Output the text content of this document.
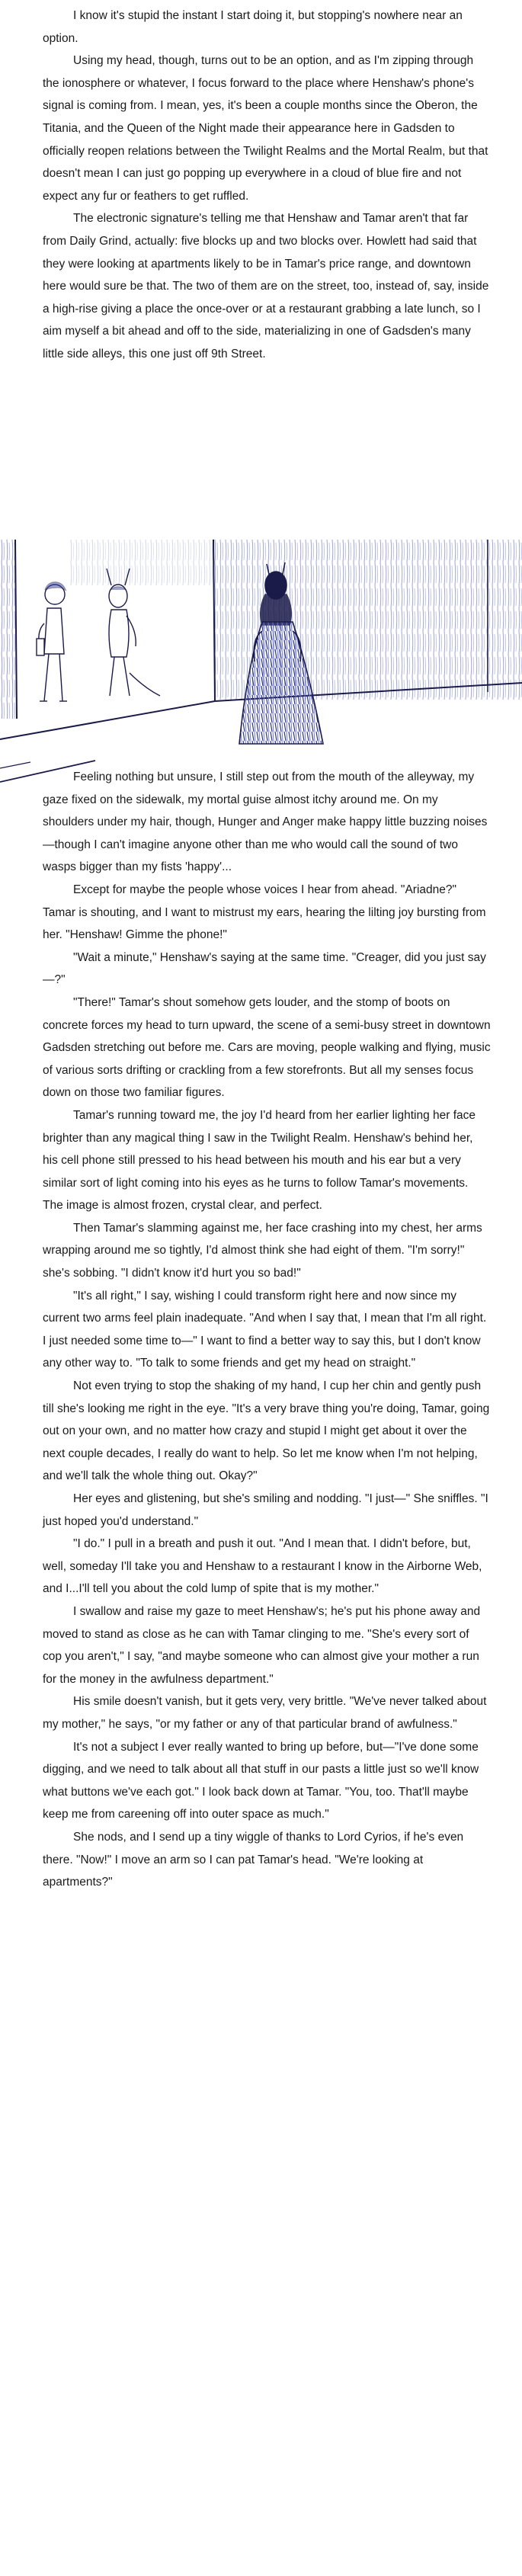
I know it's stupid the instant I start doing it, but stopping's nowhere near an option.

Using my head, though, turns out to be an option, and as I'm zipping through the ionosphere or whatever, I focus forward to the place where Henshaw's phone's signal is coming from. I mean, yes, it's been a couple months since the Oberon, the Titania, and the Queen of the Night made their appearance here in Gadsden to officially reopen relations between the Twilight Realms and the Mortal Realm, but that doesn't mean I can just go popping up everywhere in a cloud of blue fire and not expect any fur or feathers to get ruffled.

The electronic signature's telling me that Henshaw and Tamar aren't that far from Daily Grind, actually: five blocks up and two blocks over. Howlett had said that they were looking at apartments likely to be in Tamar's price range, and downtown here would sure be that. The two of them are on the street, too, instead of, say, inside a high-rise giving a place the once-over or at a restaurant grabbing a late lunch, so I aim myself a bit ahead and off to the side, materializing in one of Gadsden's many little side alleys, this one just off 9th Street.

Feeling nothing but unsure, I still step out from the mouth of the alleyway, my gaze fixed on the sidewalk, my mortal guise almost itchy around me. On my shoulders under my hair, though, Hunger and Anger make happy little buzzing noises—though I can't imagine anyone other than me who would call the sound of two wasps bigger than my fists 'happy'...

Except for maybe the people whose voices I hear from ahead. "Ariadne?" Tamar is shouting, and I want to mistrust my ears, hearing the lilting joy bursting from her. "Henshaw! Gimme the phone!"

"Wait a minute," Henshaw's saying at the same time. "Creager, did you just say—?"

"There!" Tamar's shout somehow gets louder, and the stomp of boots on concrete forces my head to turn upward, the scene of a semi-busy street in downtown Gadsden stretching out before me. Cars are moving, people walking and flying, music of various sorts drifting or crackling from a few storefronts. But all my senses focus down on those two familiar figures.

Tamar's running toward me, the joy I'd heard from her earlier lighting her face brighter than any magical thing I saw in the Twilight Realm. Henshaw's behind her, his cell phone still pressed to his head between his mouth and his ear but a very similar sort of light coming into his eyes as he turns to follow Tamar's movements. The image is almost frozen, crystal clear, and perfect.

Then Tamar's slamming against me, her face crashing into my chest, her arms wrapping around me so tightly, I'd almost think she had eight of them. "I'm sorry!" she's sobbing. "I didn't know it'd hurt you so bad!"

"It's all right," I say, wishing I could transform right here and now since my current two arms feel plain inadequate. "And when I say that, I mean that I'm all right. I just needed some time to—" I want to find a better way to say this, but I don't know any other way to. "To talk to some friends and get my head on straight."

Not even trying to stop the shaking of my hand, I cup her chin and gently push till she's looking me right in the eye. "It's a very brave thing you're doing, Tamar, going out on your own, and no matter how crazy and stupid I might get about it over the next couple decades, I really do want to help. So let me know when I'm not helping, and we'll talk the whole thing out. Okay?"

Her eyes and glistening, but she's smiling and nodding. "I just—" She sniffles. "I just hoped you'd understand."

"I do." I pull in a breath and push it out. "And I mean that. I didn't before, but, well, someday I'll take you and Henshaw to a restaurant I know in the Airborne Web, and I...I'll tell you about the cold lump of spite that is my mother."

I swallow and raise my gaze to meet Henshaw's; he's put his phone away and moved to stand as close as he can with Tamar clinging to me. "She's every sort of cop you aren't," I say, "and maybe someone who can almost give your mother a run for the money in the awfulness department."

His smile doesn't vanish, but it gets very, very brittle. "We've never talked about my mother," he says, "or my father or any of that particular brand of awfulness."

It's not a subject I ever really wanted to bring up before, but—"I've done some digging, and we need to talk about all that stuff in our pasts a little just so we'll know what buttons we've each got." I look back down at Tamar. "You, too. That'll maybe keep me from careening off into outer space as much."

She nods, and I send up a tiny wiggle of thanks to Lord Cyrios, if he's even there. "Now!" I move an arm so I can pat Tamar's head. "We're looking at apartments?"
